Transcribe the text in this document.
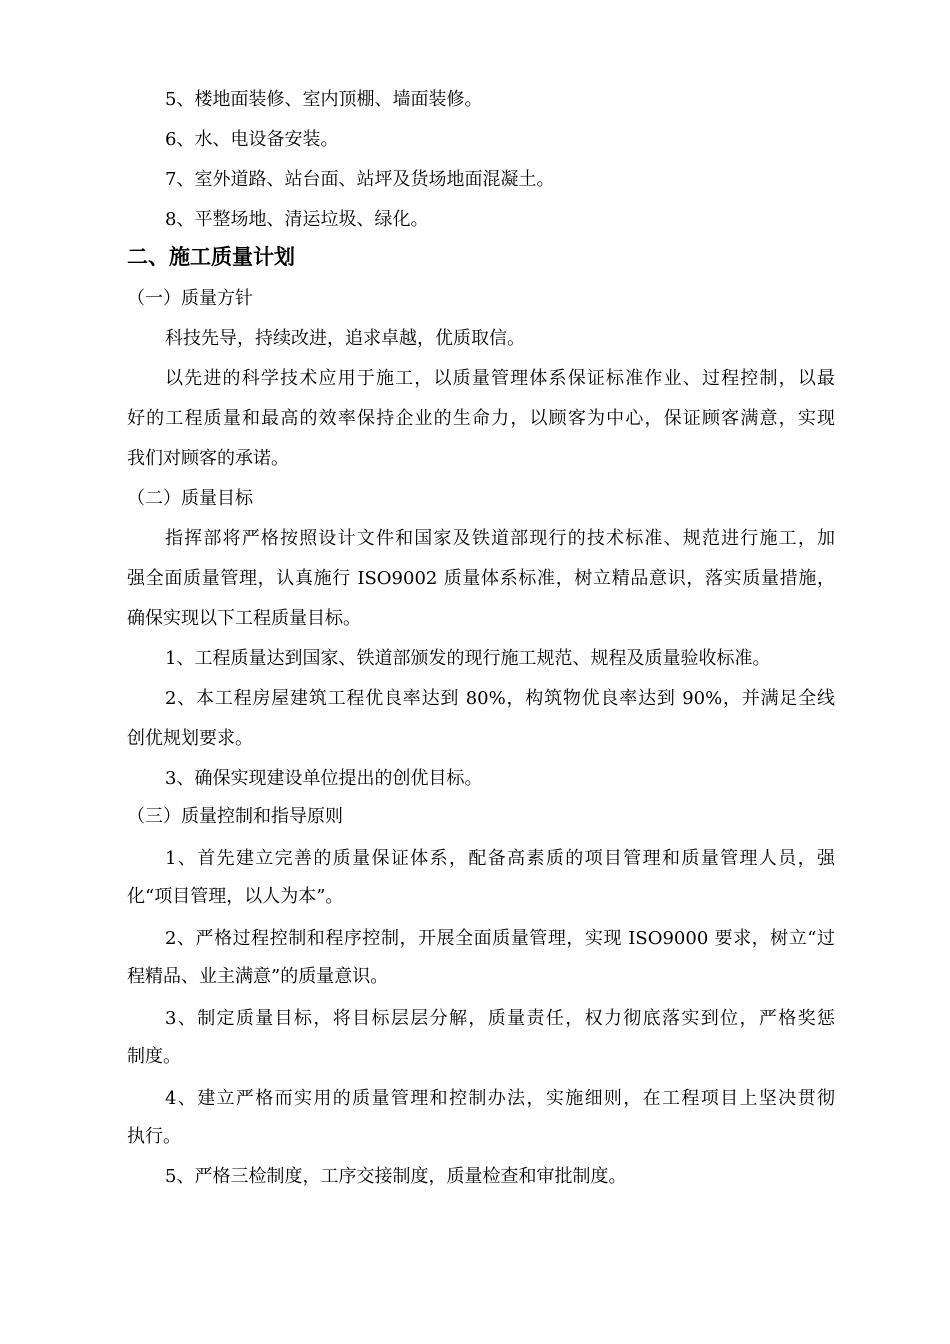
5、楼地面装修、室内顶棚、墙面装修。
6、水、电设备安装。
7、室外道路、站台面、站坪及货场地面混凝土。
8、平整场地、清运垃圾、绿化。
二、施工质量计划
（一）质量方针
科技先导，持续改进，追求卓越，优质取信。
以先进的科学技术应用于施工，以质量管理体系保证标准作业、过程控制，以最
好的工程质量和最高的效率保持企业的生命力，以顾客为中心，保证顾客满意，实现
我们对顾客的承诺。
（二）质量目标
指挥部将严格按照设计文件和国家及铁道部现行的技术标准、规范进行施工，加
强全面质量管理，认真施行 ISO9002 质量体系标准，树立精品意识，落实质量措施，
确保实现以下工程质量目标。
1、工程质量达到国家、铁道部颁发的现行施工规范、规程及质量验收标准。
2、本工程房屋建筑工程优良率达到 80%，构筑物优良率达到 90%，并满足全线
创优规划要求。
3、确保实现建设单位提出的创优目标。
（三）质量控制和指导原则
1、首先建立完善的质量保证体系，配备高素质的项目管理和质量管理人员，强
化“项目管理，以人为本”。
2、严格过程控制和程序控制，开展全面质量管理，实现 ISO9000 要求，树立“过
程精品、业主满意”的质量意识。
3、制定质量目标，将目标层层分解，质量责任，权力彻底落实到位，严格奖惩
制度。
4、建立严格而实用的质量管理和控制办法，实施细则，在工程项目上坚决贯彻
执行。
5、严格三检制度，工序交接制度，质量检查和审批制度。
